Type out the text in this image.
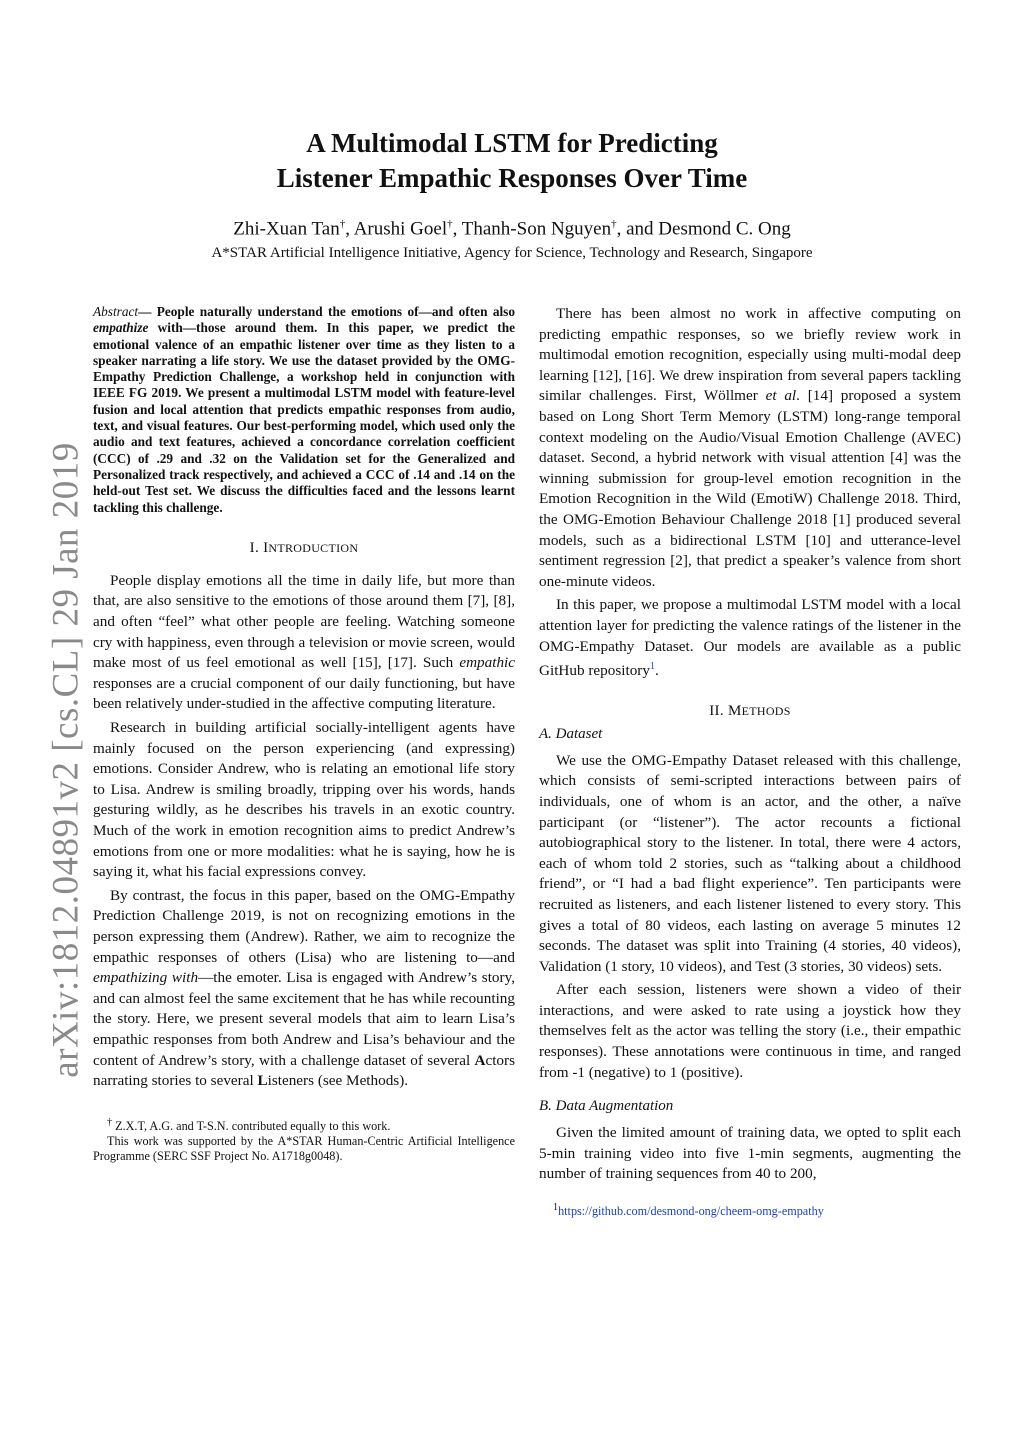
arXiv:1812.04891v2 [cs.CL] 29 Jan 2019
A Multimodal LSTM for Predicting
Listener Empathic Responses Over Time
Zhi-Xuan Tan†, Arushi Goel†, Thanh-Son Nguyen†, and Desmond C. Ong
A*STAR Artificial Intelligence Initiative, Agency for Science, Technology and Research, Singapore
Abstract— People naturally understand the emotions of—and often also empathize with—those around them. In this paper, we predict the emotional valence of an empathic listener over time as they listen to a speaker narrating a life story. We use the dataset provided by the OMG-Empathy Prediction Challenge, a workshop held in conjunction with IEEE FG 2019. We present a multimodal LSTM model with feature-level fusion and local attention that predicts empathic responses from audio, text, and visual features. Our best-performing model, which used only the audio and text features, achieved a concordance correlation coefficient (CCC) of .29 and .32 on the Validation set for the Generalized and Personalized track respectively, and achieved a CCC of .14 and .14 on the held-out Test set. We discuss the difficulties faced and the lessons learnt tackling this challenge.

I. INTRODUCTION

People display emotions all the time in daily life, but more than that, are also sensitive to the emotions of those around them [7], [8], and often “feel” what other people are feeling. Watching someone cry with happiness, even through a television or movie screen, would make most of us feel emotional as well [15], [17]. Such empathic responses are a crucial component of our daily functioning, but have been relatively under-studied in the affective computing literature.

Research in building artificial socially-intelligent agents have mainly focused on the person experiencing (and expressing) emotions. Consider Andrew, who is relating an emotional life story to Lisa. Andrew is smiling broadly, tripping over his words, hands gesturing wildly, as he describes his travels in an exotic country. Much of the work in emotion recognition aims to predict Andrew’s emotions from one or more modalities: what he is saying, how he is saying it, what his facial expressions convey.

By contrast, the focus in this paper, based on the OMG-Empathy Prediction Challenge 2019, is not on recognizing emotions in the person expressing them (Andrew). Rather, we aim to recognize the empathic responses of others (Lisa) who are listening to—and empathizing with—the emoter. Lisa is engaged with Andrew’s story, and can almost feel the same excitement that he has while recounting the story. Here, we present several models that aim to learn Lisa’s empathic responses from both Andrew and Lisa’s behaviour and the content of Andrew’s story, with a challenge dataset of several Actors narrating stories to several Listeners (see Methods).

† Z.X.T, A.G. and T-S.N. contributed equally to this work.

This work was supported by the A*STAR Human-Centric Artificial Intelligence Programme (SERC SSF Project No. A1718g0048).

There has been almost no work in affective computing on predicting empathic responses, so we briefly review work in multimodal emotion recognition, especially using multi-modal deep learning [12], [16]. We drew inspiration from several papers tackling similar challenges. First, Wöllmer et al. [14] proposed a system based on Long Short Term Memory (LSTM) long-range temporal context modeling on the Audio/Visual Emotion Challenge (AVEC) dataset. Second, a hybrid network with visual attention [4] was the winning submission for group-level emotion recognition in the Emotion Recognition in the Wild (EmotiW) Challenge 2018. Third, the OMG-Emotion Behaviour Challenge 2018 [1] produced several models, such as a bidirectional LSTM [10] and utterance-level sentiment regression [2], that predict a speaker’s valence from short one-minute videos.

In this paper, we propose a multimodal LSTM model with a local attention layer for predicting the valence ratings of the listener in the OMG-Empathy Dataset. Our models are available as a public GitHub repository$^1$.

II. METHODS

A. Dataset

We use the OMG-Empathy Dataset released with this challenge, which consists of semi-scripted interactions between pairs of individuals, one of whom is an actor, and the other, a naïve participant (or “listener”). The actor recounts a fictional autobiographical story to the listener. In total, there were 4 actors, each of whom told 2 stories, such as “talking about a childhood friend”, or “I had a bad flight experience”. Ten participants were recruited as listeners, and each listener listened to every story. This gives a total of 80 videos, each lasting on average 5 minutes 12 seconds. The dataset was split into Training (4 stories, 40 videos), Validation (1 story, 10 videos), and Test (3 stories, 30 videos) sets.

After each session, listeners were shown a video of their interactions, and were asked to rate using a joystick how they themselves felt as the actor was telling the story (i.e., their empathic responses). These annotations were continuous in time, and ranged from -1 (negative) to 1 (positive).

B. Data Augmentation

Given the limited amount of training data, we opted to split each 5-min training video into five 1-min segments, augmenting the number of training sequences from 40 to 200,

$^1$https://github.com/desmond-ong/cheem-omg-empathy
